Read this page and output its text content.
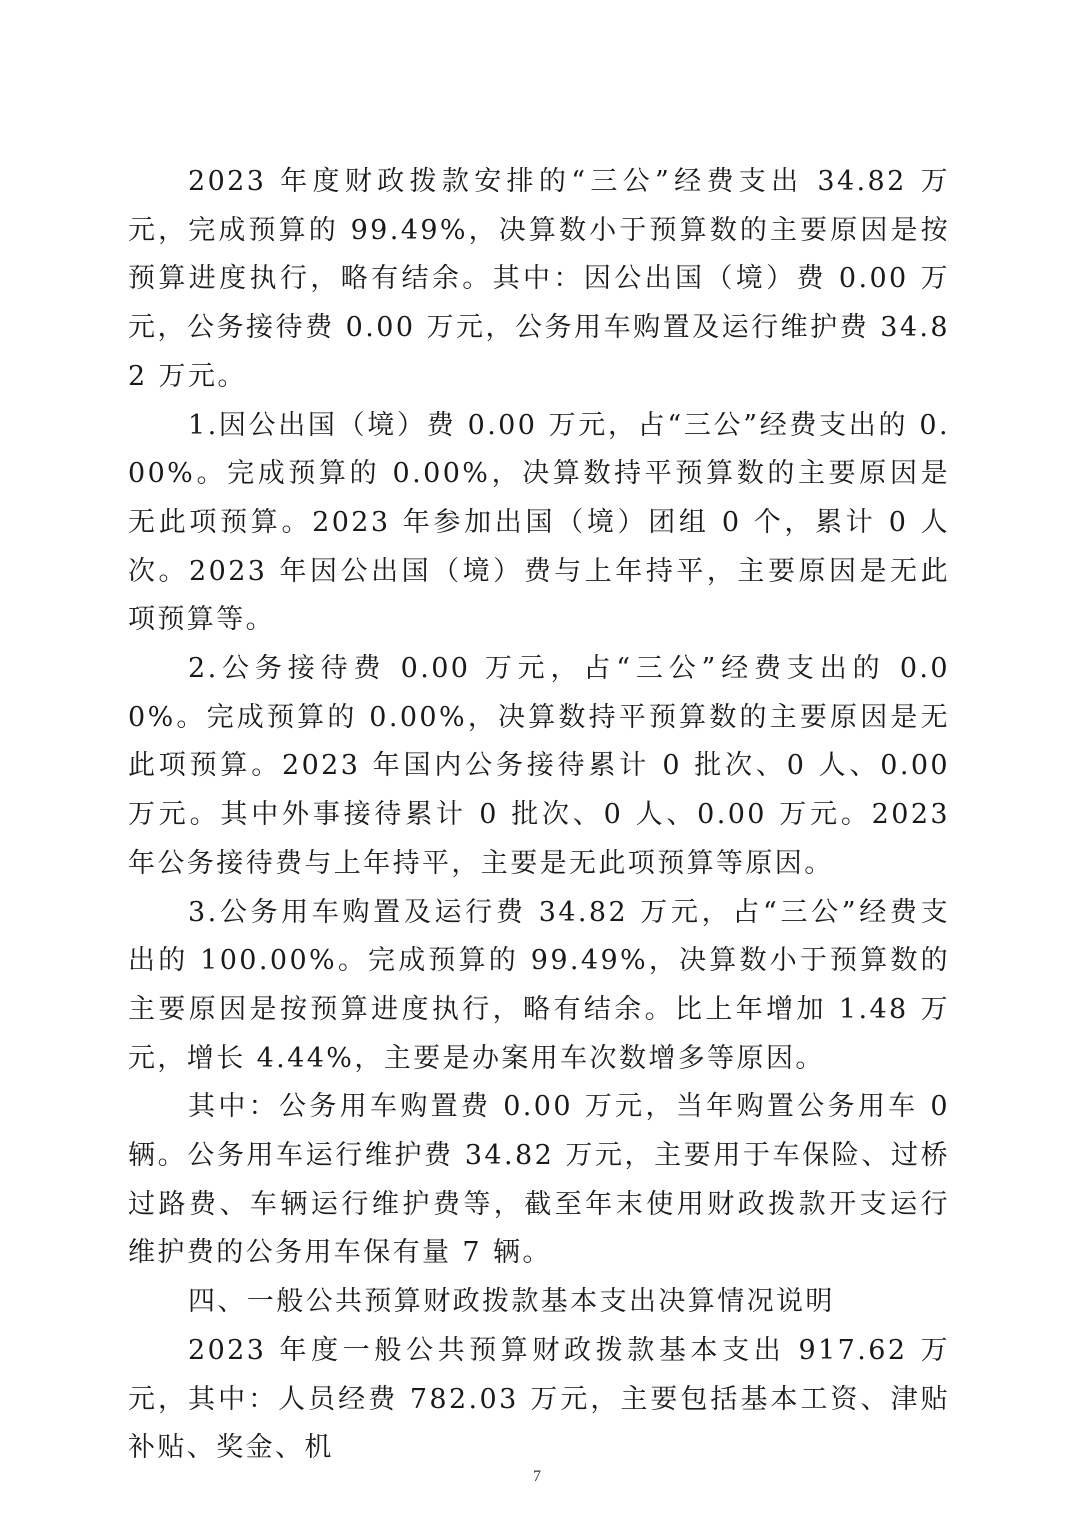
2023 年度财政拨款安排的“三公”经费支出 34.82 万元，完成预算的 99.49%，决算数小于预算数的主要原因是按预算进度执行，略有结余。其中：因公出国（境）费 0.00 万元，公务接待费 0.00 万元，公务用车购置及运行维护费 34.82 万元。

1.因公出国（境）费 0.00 万元，占“三公”经费支出的 0.00%。完成预算的 0.00%，决算数持平预算数的主要原因是无此项预算。2023 年参加出国（境）团组 0 个，累计 0 人次。2023 年因公出国（境）费与上年持平，主要原因是无此项预算等。

2.公务接待费 0.00 万元，占“三公”经费支出的 0.00%。完成预算的 0.00%，决算数持平预算数的主要原因是无此项预算。2023 年国内公务接待累计 0 批次、0 人、0.00 万元。其中外事接待累计 0 批次、0 人、0.00 万元。2023 年公务接待费与上年持平，主要是无此项预算等原因。

3.公务用车购置及运行费 34.82 万元，占“三公”经费支出的 100.00%。完成预算的 99.49%，决算数小于预算数的主要原因是按预算进度执行，略有结余。比上年增加 1.48 万元，增长 4.44%，主要是办案用车次数增多等原因。

其中：公务用车购置费 0.00 万元，当年购置公务用车 0 辆。公务用车运行维护费 34.82 万元，主要用于车保险、过桥过路费、车辆运行维护费等，截至年末使用财政拨款开支运行维护费的公务用车保有量 7 辆。

四、一般公共预算财政拨款基本支出决算情况说明

2023 年度一般公共预算财政拨款基本支出 917.62 万元，其中：人员经费 782.03 万元，主要包括基本工资、津贴补贴、奖金、机

7
